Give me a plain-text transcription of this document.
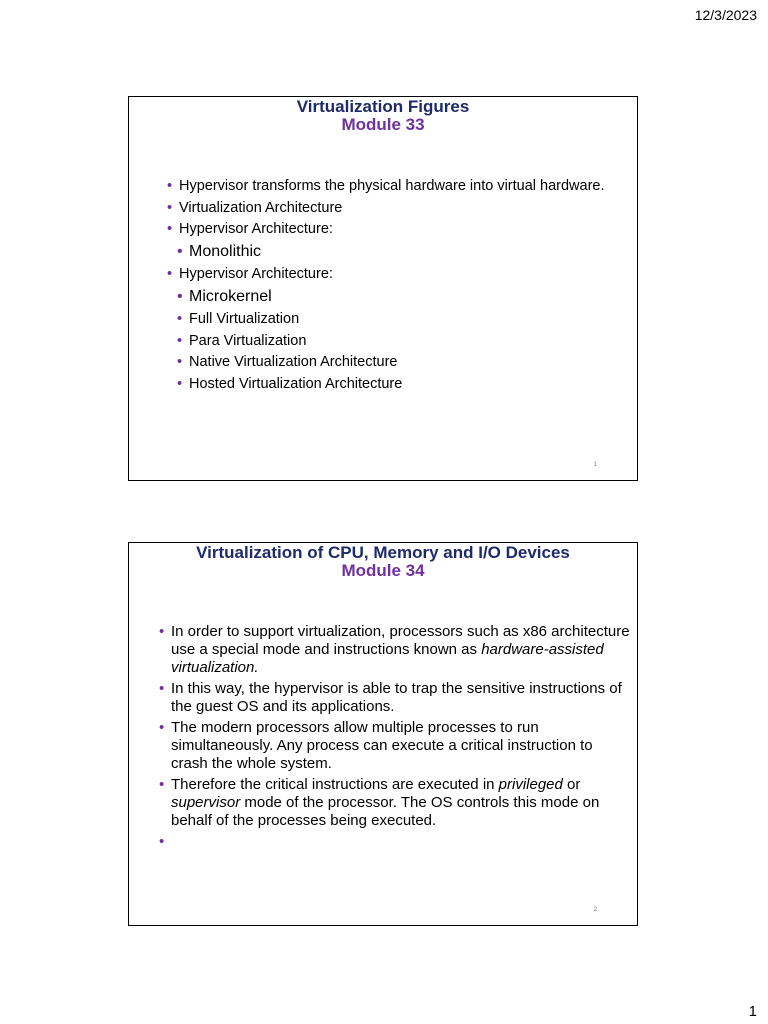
12/3/2023
Virtualization Figures
Module 33
• Hypervisor transforms the physical hardware into virtual hardware.
• Virtualization Architecture
• Hypervisor Architecture:
• Monolithic
• Hypervisor Architecture:
• Microkernel
• Full Virtualization
• Para Virtualization
• Native Virtualization Architecture
• Hosted Virtualization Architecture
1
Virtualization of CPU, Memory and I/O Devices
Module 34
• In order to support virtualization, processors such as x86 architecture use a special mode and instructions known as hardware-assisted virtualization.
• In this way, the hypervisor is able to trap the sensitive instructions of the guest OS and its applications.
• The modern processors allow multiple processes to run simultaneously. Any process can execute a critical instruction to crash the whole system.
• Therefore the critical instructions are executed in privileged or supervisor mode of the processor. The OS controls this mode on behalf of the processes being executed.
•
2
1
